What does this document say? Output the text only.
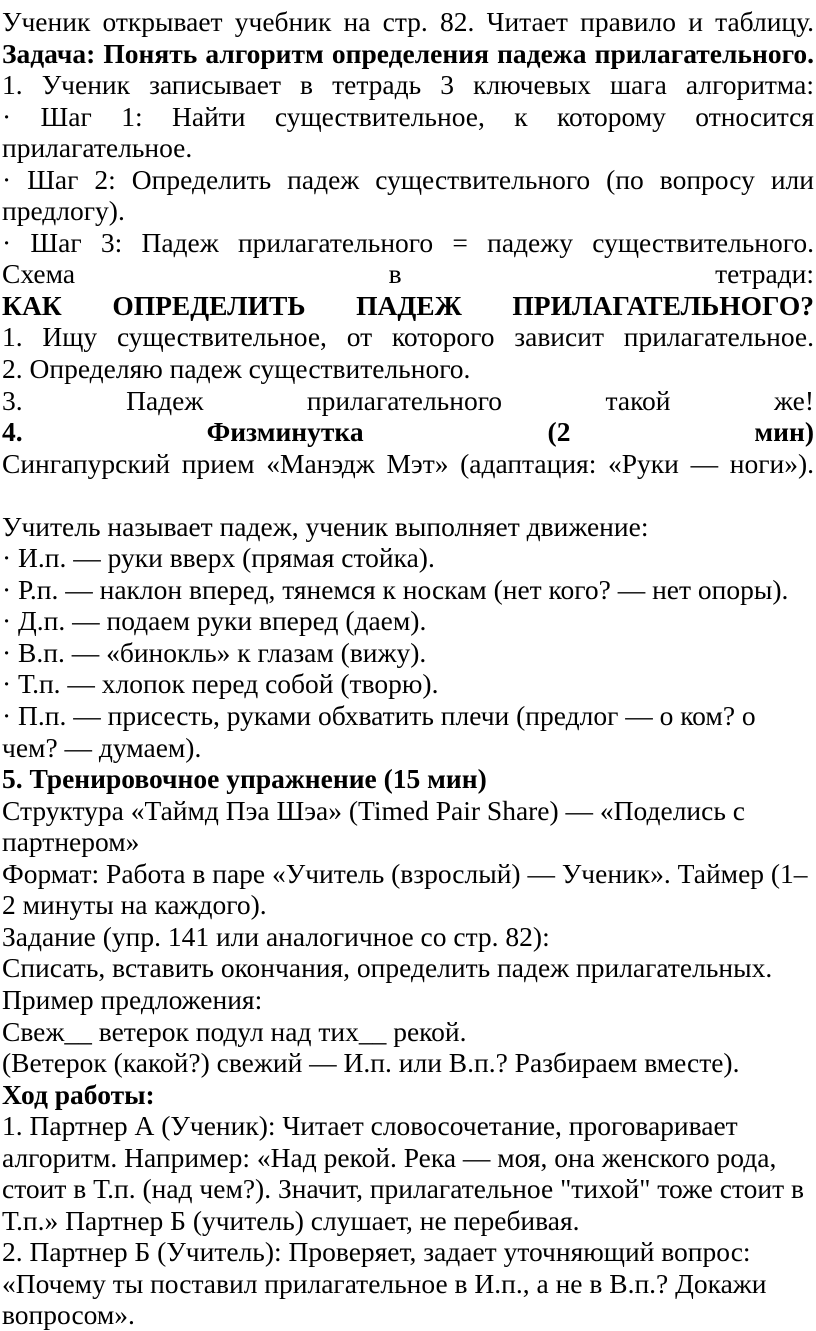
Ученик открывает учебник на стр. 82. Читает правило и таблицу.
Задача: Понять алгоритм определения падежа прилагательного.
1. Ученик записывает в тетрадь 3 ключевых шага алгоритма:
· Шаг 1: Найти существительное, к которому относится
прилагательное.
· Шаг 2: Определить падеж существительного (по вопросу или
предлогу).
· Шаг 3: Падеж прилагательного = падежу существительного.
Схема в тетради:
КАК ОПРЕДЕЛИТЬ ПАДЕЖ ПРИЛАГАТЕЛЬНОГО?
1. Ищу существительное, от которого зависит прилагательное.
2. Определяю падеж существительного.
3. Падеж прилагательного такой же!
4. Физминутка (2 мин)
Сингапурский прием «Манэдж Мэт» (адаптация: «Руки — ноги»).

Учитель называет падеж, ученик выполняет движение:
· И.п. — руки вверх (прямая стойка).
· Р.п. — наклон вперед, тянемся к носкам (нет кого? — нет опоры).
· Д.п. — подаем руки вперед (даем).
· В.п. — «бинокль» к глазам (вижу).
· Т.п. — хлопок перед собой (творю).
· П.п. — присесть, руками обхватить плечи (предлог — о ком? о
чем? — думаем).
5. Тренировочное упражнение (15 мин)
Структура «Таймд Пэа Шэа» (Timed Pair Share) — «Поделись с
партнером»
Формат: Работа в паре «Учитель (взрослый) — Ученик». Таймер (1–
2 минуты на каждого).
Задание (упр. 141 или аналогичное со стр. 82):
Списать, вставить окончания, определить падеж прилагательных.
Пример предложения:
Свеж__ ветерок подул над тих__ рекой.
(Ветерок (какой?) свежий — И.п. или В.п.? Разбираем вместе).
Ход работы:
1. Партнер А (Ученик): Читает словосочетание, проговаривает
алгоритм. Например: «Над рекой. Река — моя, она женского рода,
стоит в Т.п. (над чем?). Значит, прилагательное "тихой" тоже стоит в
Т.п.» Партнер Б (учитель) слушает, не перебивая.
2. Партнер Б (Учитель): Проверяет, задает уточняющий вопрос:
«Почему ты поставил прилагательное в И.п., а не в В.п.? Докажи
вопросом».
